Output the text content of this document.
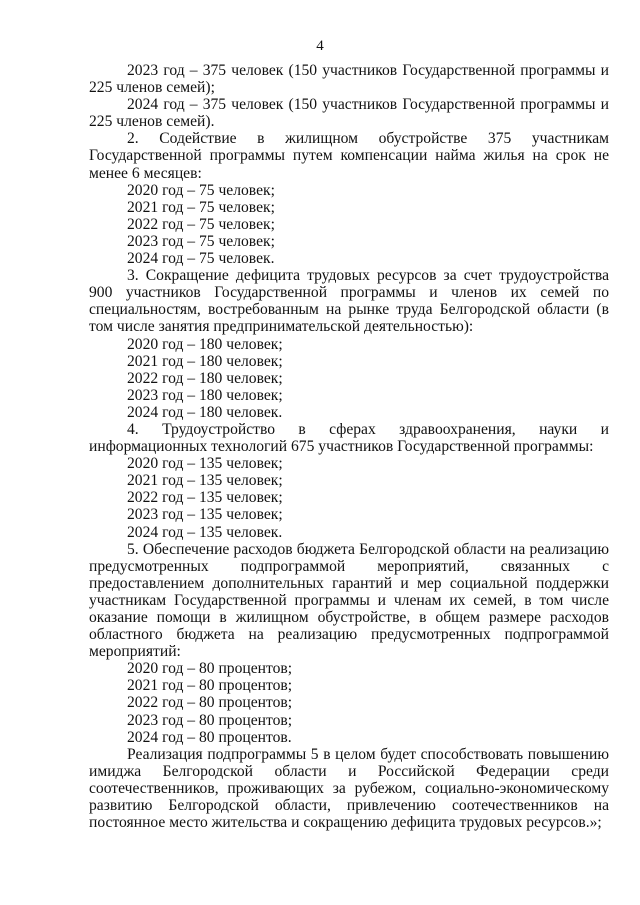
4

2023 год – 375 человек (150 участников Государственной программы и 225 членов семей);

2024 год – 375 человек (150 участников Государственной программы и 225 членов семей).

2. Содействие в жилищном обустройстве 375 участникам Государственной программы путем компенсации найма жилья на срок не менее 6 месяцев:

2020 год – 75 человек;

2021 год – 75 человек;

2022 год – 75 человек;

2023 год – 75 человек;

2024 год – 75 человек.

3. Сокращение дефицита трудовых ресурсов за счет трудоустройства 900 участников Государственной программы и членов их семей по специальностям, востребованным на рынке труда Белгородской области (в том числе занятия предпринимательской деятельностью):

2020 год – 180 человек;

2021 год – 180 человек;

2022 год – 180 человек;

2023 год – 180 человек;

2024 год – 180 человек.

4. Трудоустройство в сферах здравоохранения, науки и информационных технологий 675 участников Государственной программы:

2020 год – 135 человек;

2021 год – 135 человек;

2022 год – 135 человек;

2023 год – 135 человек;

2024 год – 135 человек.

5. Обеспечение расходов бюджета Белгородской области на реализацию предусмотренных подпрограммой мероприятий, связанных с предоставлением дополнительных гарантий и мер социальной поддержки участникам Государственной программы и членам их семей, в том числе оказание помощи в жилищном обустройстве, в общем размере расходов областного бюджета на реализацию предусмотренных подпрограммой мероприятий:

2020 год – 80 процентов;

2021 год – 80 процентов;

2022 год – 80 процентов;

2023 год – 80 процентов;

2024 год – 80 процентов.

Реализация подпрограммы 5 в целом будет способствовать повышению имиджа Белгородской области и Российской Федерации среди соотечественников, проживающих за рубежом, социально-экономическому развитию Белгородской области, привлечению соотечественников на постоянное место жительства и сокращению дефицита трудовых ресурсов.»;
